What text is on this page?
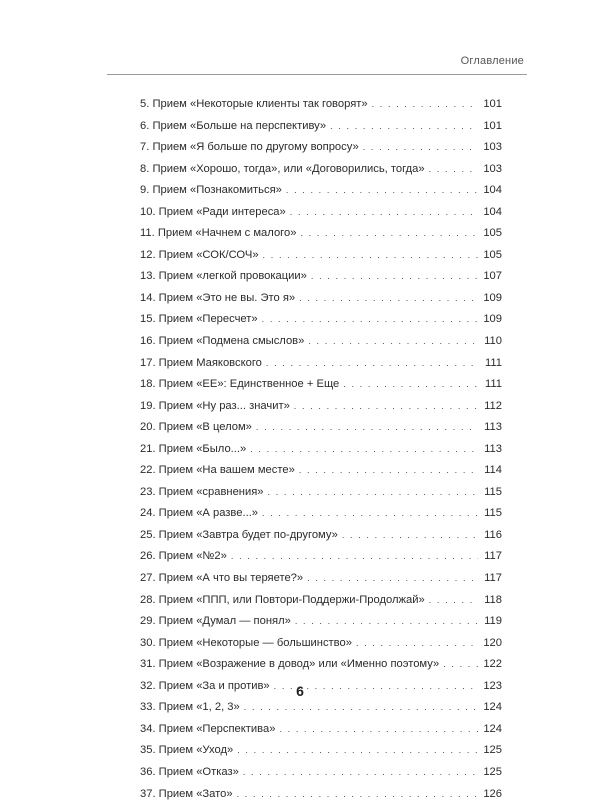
Оглавление
5. Прием «Некоторые клиенты так говорят» . . .	101
6. Прием «Больше на перспективу» . . .	101
7. Прием «Я больше по другому вопросу» . . .	103
8. Прием «Хорошо, тогда», или «Договорились, тогда» . . .	103
9. Прием «Познакомиться» . . .	104
10. Прием «Ради интереса» . . .	104
11. Прием «Начнем с малого» . . .	105
12. Прием «СОК/СОЧ» . . .	105
13. Прием «легкой провокации» . . .	107
14. Прием «Это не вы. Это я» . . .	109
15. Прием «Пересчет» . . .	109
16. Прием «Подмена смыслов» . . .	110
17. Прием Маяковского . . .	111
18. Прием «ЕЕ»: Единственное + Еще . . .	111
19. Прием «Ну раз... значит» . . .	112
20. Прием «В целом» . . .	113
21. Прием «Было...» . . .	113
22. Прием «На вашем месте» . . .	114
23. Прием «сравнения» . . .	115
24. Прием «А разве...» . . .	115
25. Прием «Завтра будет по-другому» . . .	116
26. Прием «№2» . . .	117
27. Прием «А что вы теряете?» . . .	117
28. Прием «ППП, или Повтори-Поддержи-Продолжай» . . .	118
29. Прием «Думал — понял» . . .	119
30. Прием «Некоторые — большинство» . . .	120
31. Прием «Возражение в довод» или «Именно поэтому» . . .	122
32. Прием «За и против» . . .	123
33. Прием «1, 2, 3» . . .	124
34. Прием «Перспектива» . . .	124
35. Прием «Уход» . . .	125
36. Прием «Отказ» . . .	125
37. Прием «Зато» . . .	126
6
